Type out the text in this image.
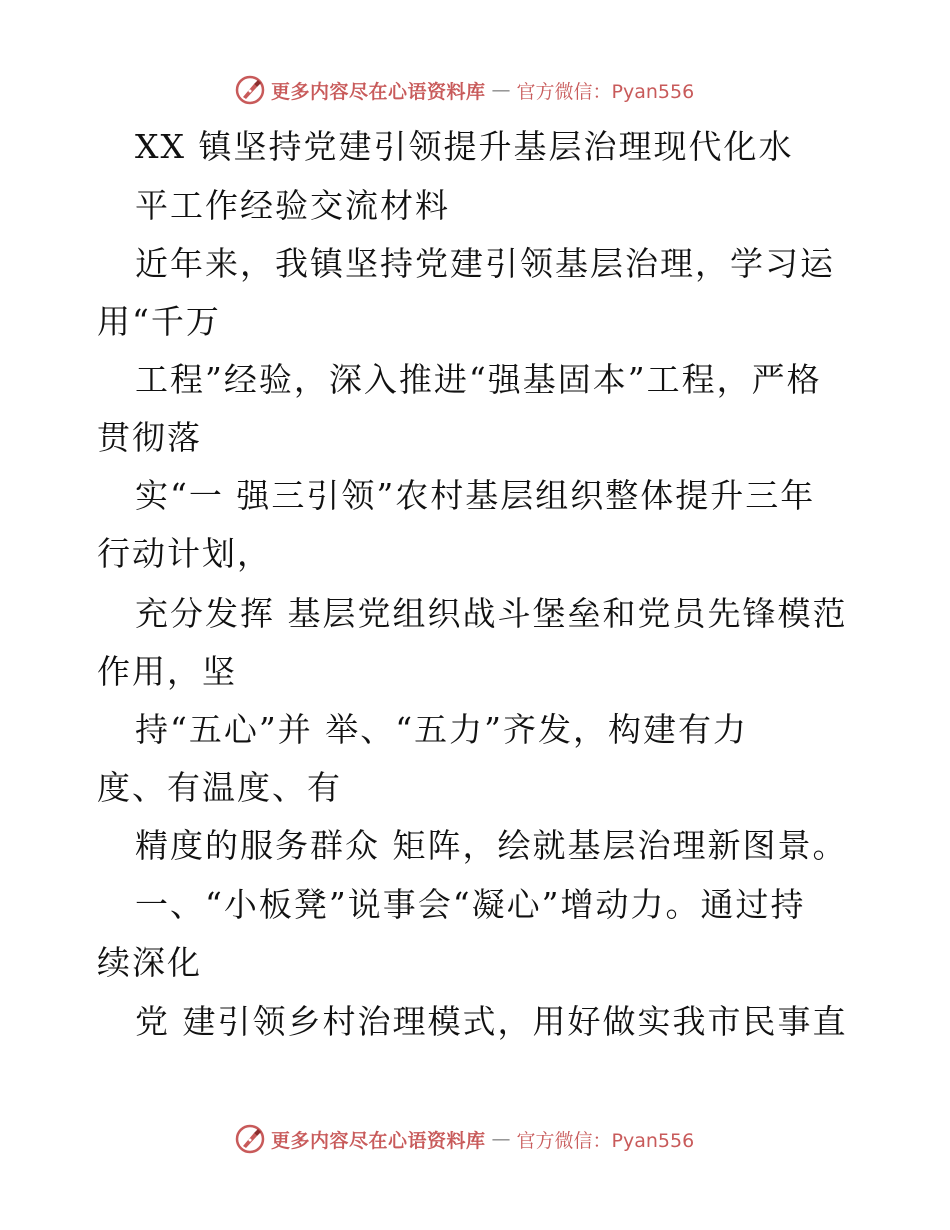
更多内容尽在心语资料库 — 官方微信：Pyan556
XX 镇坚持党建引领提升基层治理现代化水
平工作经验交流材料
近年来，我镇坚持党建引领基层治理，学习运
用“千万
工程”经验，深入推进“强基固本”工程，严格
贯彻落
实“一 强三引领”农村基层组织整体提升三年
行动计划，
充分发挥 基层党组织战斗堡垒和党员先锋模范
作用，坚
持“五心”并 举、“五力”齐发，构建有力
度、有温度、有
精度的服务群众 矩阵，绘就基层治理新图景。
一、“小板凳”说事会“凝心”增动力。通过持
续深化
党 建引领乡村治理模式，用好做实我市民事直
更多内容尽在心语资料库 — 官方微信：Pyan556
